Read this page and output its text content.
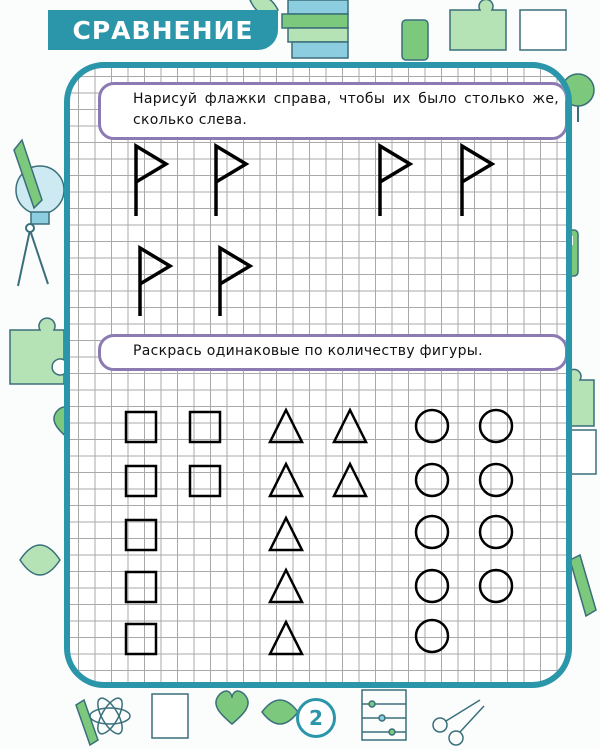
СРАВНЕНИЕ
Нарисуй флажки справа, чтобы их было столько же, сколько слева.
Раскрась одинаковые по количеству фигуры.
2
